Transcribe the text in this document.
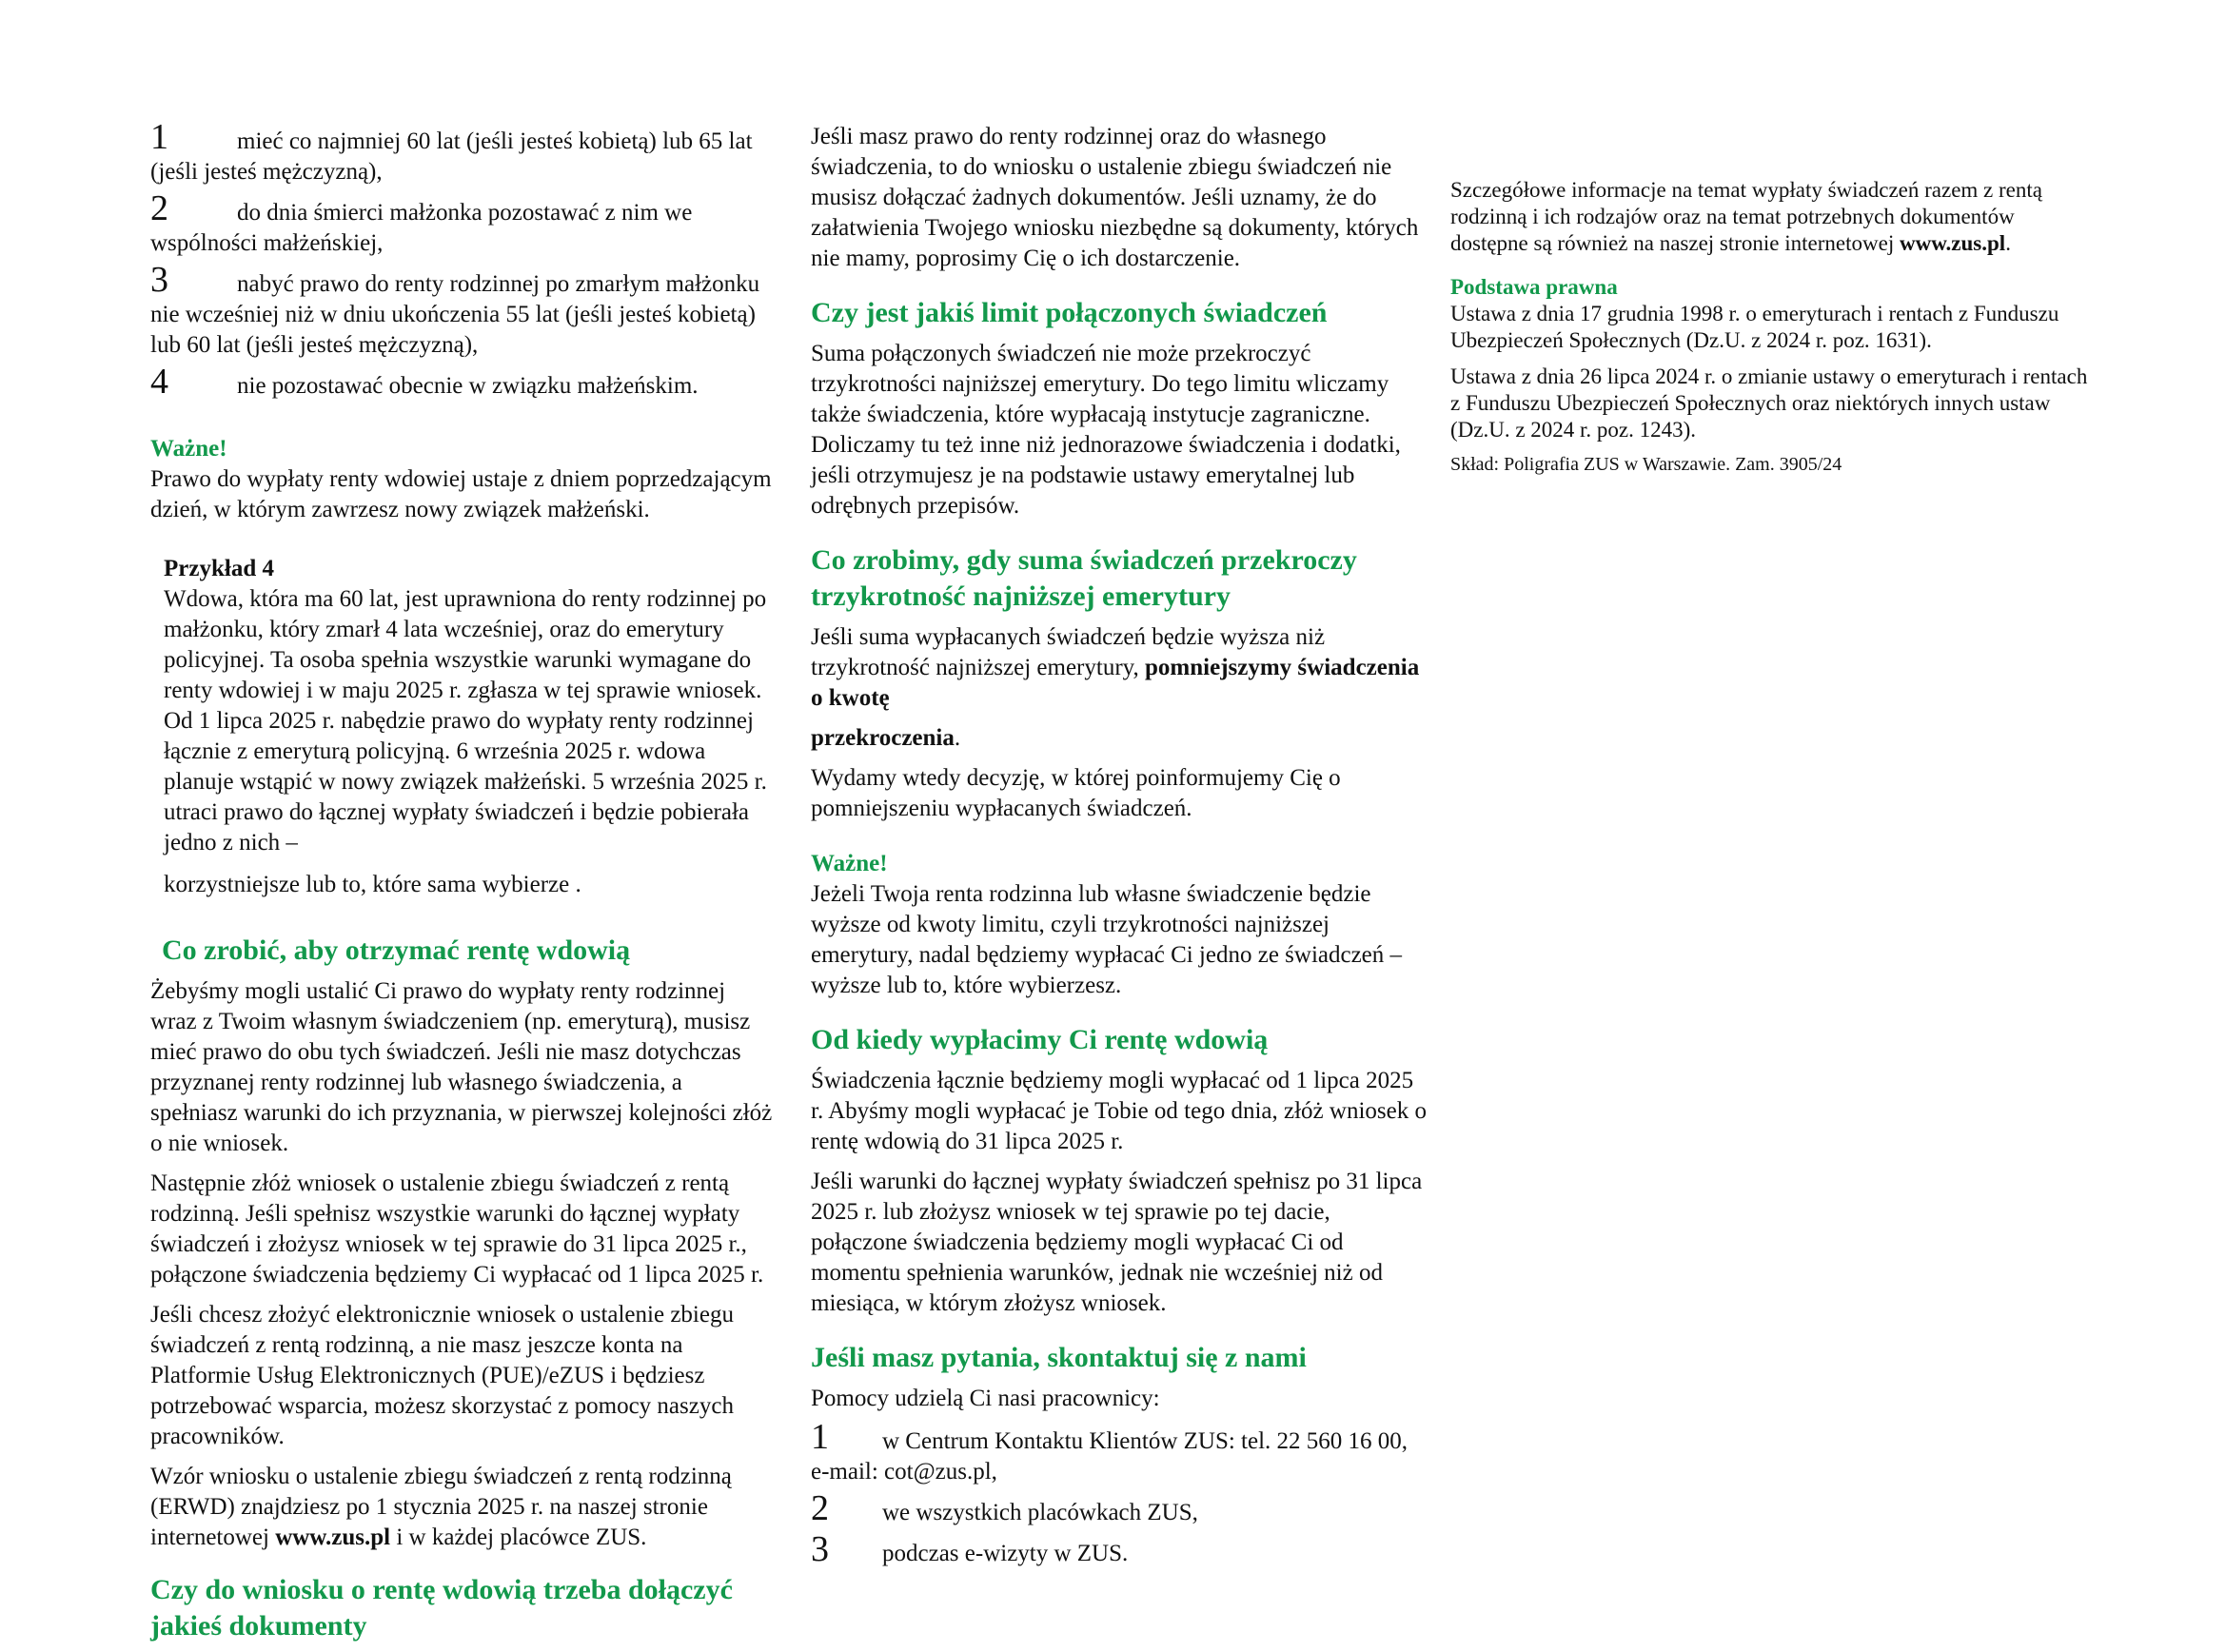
1	mieć co najmniej 60 lat (jeśli jesteś kobietą) lub 65 lat (jeśli jesteś mężczyzną),

2	do dnia śmierci małżonka pozostawać z nim we wspólności małżeńskiej,

3	nabyć prawo do renty rodzinnej po zmarłym małżonku nie wcześniej niż w dniu ukończenia 55 lat (jeśli jesteś kobietą) lub 60 lat (jeśli jesteś mężczyzną),

4	nie pozostawać obecnie w związku małżeńskim.

Ważne!

Prawo do wypłaty renty wdowiej ustaje z dniem poprzedzającym dzień, w którym zawrzesz nowy związek małżeński.

Przykład 4

Wdowa, która ma 60 lat, jest uprawniona do renty rodzinnej po małżonku, który zmarł 4 lata wcześniej, oraz do emerytury policyjnej. Ta osoba spełnia wszystkie warunki wymagane do renty wdowiej i w maju 2025 r. zgłasza w tej sprawie wniosek. Od 1 lipca 2025 r. nabędzie prawo do wypłaty renty rodzinnej łącznie z emeryturą policyjną. 6 września 2025 r. wdowa planuje wstąpić w nowy związek małżeński. 5 września 2025 r. utraci prawo do łącznej wypłaty świadczeń i będzie pobierała jedno z nich –

korzystniejsze lub to, które sama wybierze .

Co zrobić, aby otrzymać rentę wdowią

Żebyśmy mogli ustalić Ci prawo do wypłaty renty rodzinnej wraz z Twoim własnym świadczeniem (np. emeryturą), musisz mieć prawo do obu tych świadczeń. Jeśli nie masz dotychczas przyznanej renty rodzinnej lub własnego świadczenia, a spełniasz warunki do ich przyznania, w pierwszej kolejności złóż o nie wniosek.

Następnie złóż wniosek o ustalenie zbiegu świadczeń z rentą rodzinną. Jeśli spełnisz wszystkie warunki do łącznej wypłaty świadczeń i złożysz wniosek w tej sprawie do 31 lipca 2025 r., połączone świadczenia będziemy Ci wypłacać od 1 lipca 2025 r.

Jeśli chcesz złożyć elektronicznie wniosek o ustalenie zbiegu świadczeń z rentą rodzinną, a nie masz jeszcze konta na Platformie Usług Elektronicznych (PUE)/eZUS i będziesz potrzebować wsparcia, możesz skorzystać z pomocy naszych pracowników.

Wzór wniosku o ustalenie zbiegu świadczeń z rentą rodzinną (ERWD) znajdziesz po 1 stycznia 2025 r. na naszej stronie internetowej www.zus.pl i w każdej placówce ZUS.

Czy do wniosku o rentę wdowią trzeba dołączyć jakieś dokumenty

Jeśli masz prawo do renty rodzinnej oraz do własnego świadczenia, to do wniosku o ustalenie zbiegu świadczeń nie musisz dołączać żadnych dokumentów. Jeśli uznamy, że do załatwienia Twojego wniosku niezbędne są dokumenty, których nie mamy, poprosimy Cię o ich dostarczenie.

Czy jest jakiś limit połączonych świadczeń

Suma połączonych świadczeń nie może przekroczyć trzykrotności najniższej emerytury. Do tego limitu wliczamy także świadczenia, które wypłacają instytucje zagraniczne. Doliczamy tu też inne niż jednorazowe świadczenia i dodatki, jeśli otrzymujesz je na podstawie ustawy emerytalnej lub odrębnych przepisów.

Co zrobimy, gdy suma świadczeń przekroczy trzykrotność najniższej emerytury

Jeśli suma wypłacanych świadczeń będzie wyższa niż trzykrotność najniższej emerytury, pomniejszymy świadczenia o kwotę

przekroczenia.

Wydamy wtedy decyzję, w której poinformujemy Cię o pomniejszeniu wypłacanych świadczeń.

Ważne!

Jeżeli Twoja renta rodzinna lub własne świadczenie będzie wyższe od kwoty limitu, czyli trzykrotności najniższej emerytury, nadal będziemy wypłacać Ci jedno ze świadczeń – wyższe lub to, które wybierzesz.

Od kiedy wypłacimy Ci rentę wdowią

Świadczenia łącznie będziemy mogli wypłacać od 1 lipca 2025 r. Abyśmy mogli wypłacać je Tobie od tego dnia, złóż wniosek o rentę wdowią do 31 lipca 2025 r.

Jeśli warunki do łącznej wypłaty świadczeń spełnisz po 31 lipca 2025 r. lub złożysz wniosek w tej sprawie po tej dacie, połączone świadczenia będziemy mogli wypłacać Ci od momentu spełnienia warunków, jednak nie wcześniej niż od miesiąca, w którym złożysz wniosek.

Jeśli masz pytania, skontaktuj się z nami

Pomocy udzielą Ci nasi pracownicy:

1 w Centrum Kontaktu Klientów ZUS: tel. 22 560 16 00, e-mail: cot@zus.pl,

2 we wszystkich placówkach ZUS,

3 podczas e-wizyty w ZUS.

Szczegółowe informacje na temat wypłaty świadczeń razem z rentą rodzinną i ich rodzajów oraz na temat potrzebnych dokumentów dostępne są również na naszej stronie internetowej www.zus.pl.

Podstawa prawna

Ustawa z dnia 17 grudnia 1998 r. o emeryturach i rentach z Funduszu Ubezpieczeń Społecznych (Dz.U. z 2024 r. poz. 1631).

Ustawa z dnia 26 lipca 2024 r. o zmianie ustawy o emeryturach i rentach z Funduszu Ubezpieczeń Społecznych oraz niektórych innych ustaw (Dz.U. z 2024 r. poz. 1243).

Skład: Poligrafia ZUS w Warszawie. Zam. 3905/24
